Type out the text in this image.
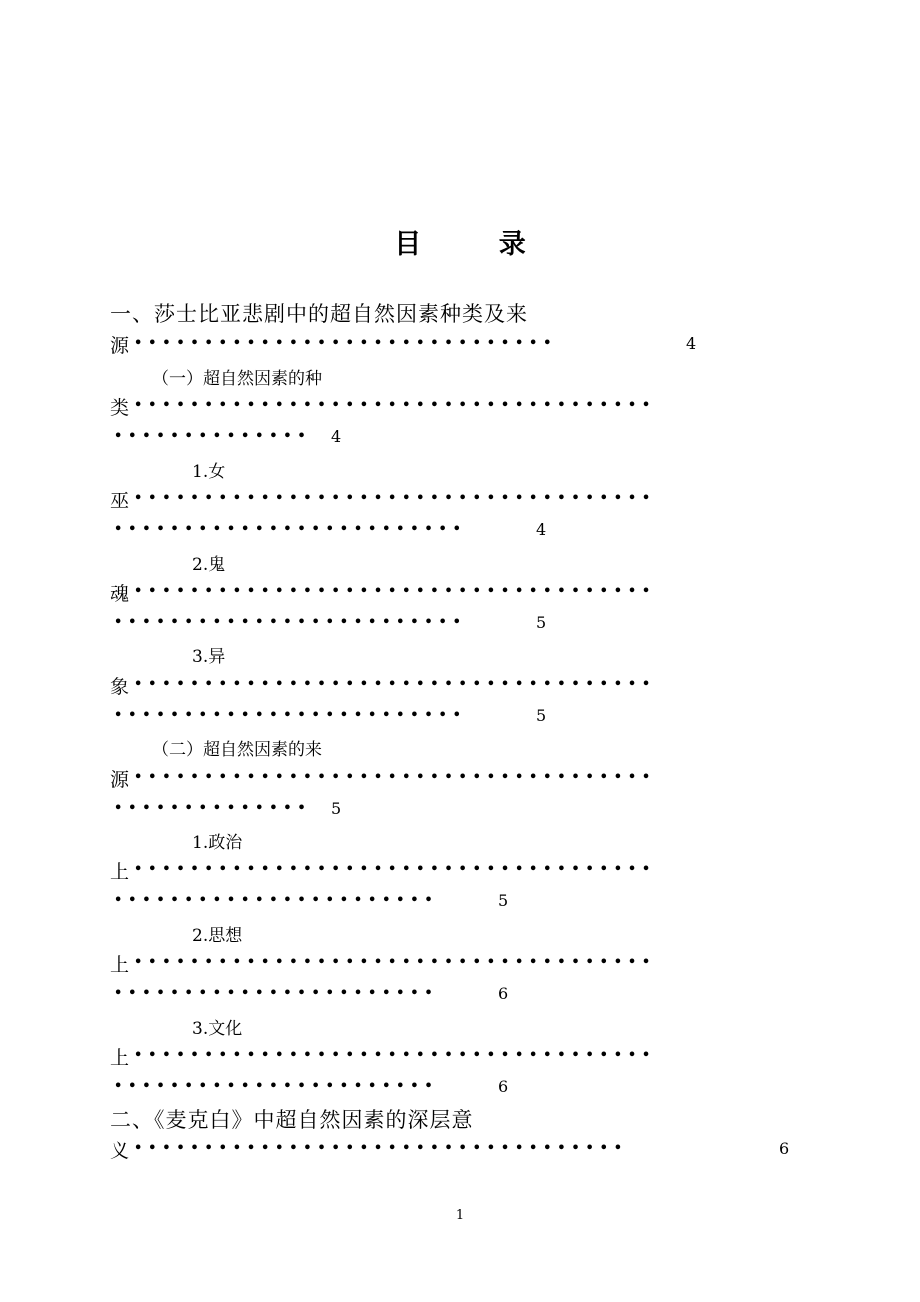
目 录
一、莎士比亚悲剧中的超自然因素种类及来
源 ••••••••••••••••••••••••••••••	4
（一）超自然因素的种
类 •••••••••••••••••••••••••••••••••••••
•••••••••••••• 4
1.女
巫 •••••••••••••••••••••••••••••••••••••
•••••••••••••••••••••••••	4
2.鬼
魂 •••••••••••••••••••••••••••••••••••••
•••••••••••••••••••••••••	5
3.异
象 •••••••••••••••••••••••••••••••••••••
•••••••••••••••••••••••••	5
（二）超自然因素的来
源 •••••••••••••••••••••••••••••••••••••
•••••••••••••• 5
1.政治
上 •••••••••••••••••••••••••••••••••••••
•••••••••••••••••••••••	5
2.思想
上 •••••••••••••••••••••••••••••••••••••
•••••••••••••••••••••••	6
3.文化
上 •••••••••••••••••••••••••••••••••••••
•••••••••••••••••••••••	6
二、《麦克白》中超自然因素的深层意
义 •••••••••••••••••••••••••••••••••••	6
1
